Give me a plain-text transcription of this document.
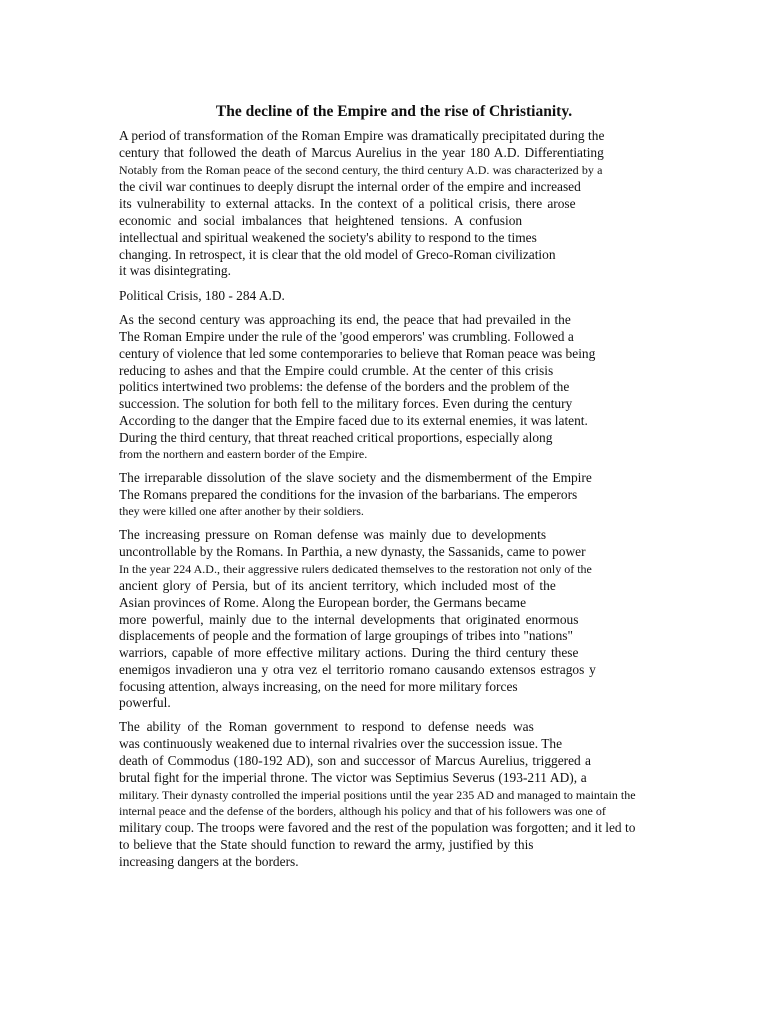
The decline of the Empire and the rise of Christianity.

A period of transformation of the Roman Empire was dramatically precipitated during the

century that followed the death of Marcus Aurelius in the year 180 A.D. Differentiating

Notably from the Roman peace of the second century, the third century A.D. was characterized by a

the civil war continues to deeply disrupt the internal order of the empire and increased

its vulnerability to external attacks. In the context of a political crisis, there arose

economic and social imbalances that heightened tensions. A confusion

intellectual and spiritual weakened the society's ability to respond to the times

changing. In retrospect, it is clear that the old model of Greco-Roman civilization

it was disintegrating.

Political Crisis, 180 - 284 A.D.

As the second century was approaching its end, the peace that had prevailed in the

The Roman Empire under the rule of the 'good emperors' was crumbling. Followed a

century of violence that led some contemporaries to believe that Roman peace was being

reducing to ashes and that the Empire could crumble. At the center of this crisis

politics intertwined two problems: the defense of the borders and the problem of the

succession. The solution for both fell to the military forces. Even during the century

According to the danger that the Empire faced due to its external enemies, it was latent.

During the third century, that threat reached critical proportions, especially along

from the northern and eastern border of the Empire.

The irreparable dissolution of the slave society and the dismemberment of the Empire

The Romans prepared the conditions for the invasion of the barbarians. The emperors

they were killed one after another by their soldiers.

The increasing pressure on Roman defense was mainly due to developments

uncontrollable by the Romans. In Parthia, a new dynasty, the Sassanids, came to power

In the year 224 A.D., their aggressive rulers dedicated themselves to the restoration not only of the

ancient glory of Persia, but of its ancient territory, which included most of the

Asian provinces of Rome. Along the European border, the Germans became

more powerful, mainly due to the internal developments that originated enormous

displacements of people and the formation of large groupings of tribes into "nations"

warriors, capable of more effective military actions. During the third century these

enemigos invadieron una y otra vez el territorio romano causando extensos estragos y

focusing attention, always increasing, on the need for more military forces

powerful.

The ability of the Roman government to respond to defense needs was

was continuously weakened due to internal rivalries over the succession issue. The

death of Commodus (180-192 AD), son and successor of Marcus Aurelius, triggered a

brutal fight for the imperial throne. The victor was Septimius Severus (193-211 AD), a

military. Their dynasty controlled the imperial positions until the year 235 AD and managed to maintain the

internal peace and the defense of the borders, although his policy and that of his followers was one of

military coup. The troops were favored and the rest of the population was forgotten; and it led to

to believe that the State should function to reward the army, justified by this

increasing dangers at the borders.
